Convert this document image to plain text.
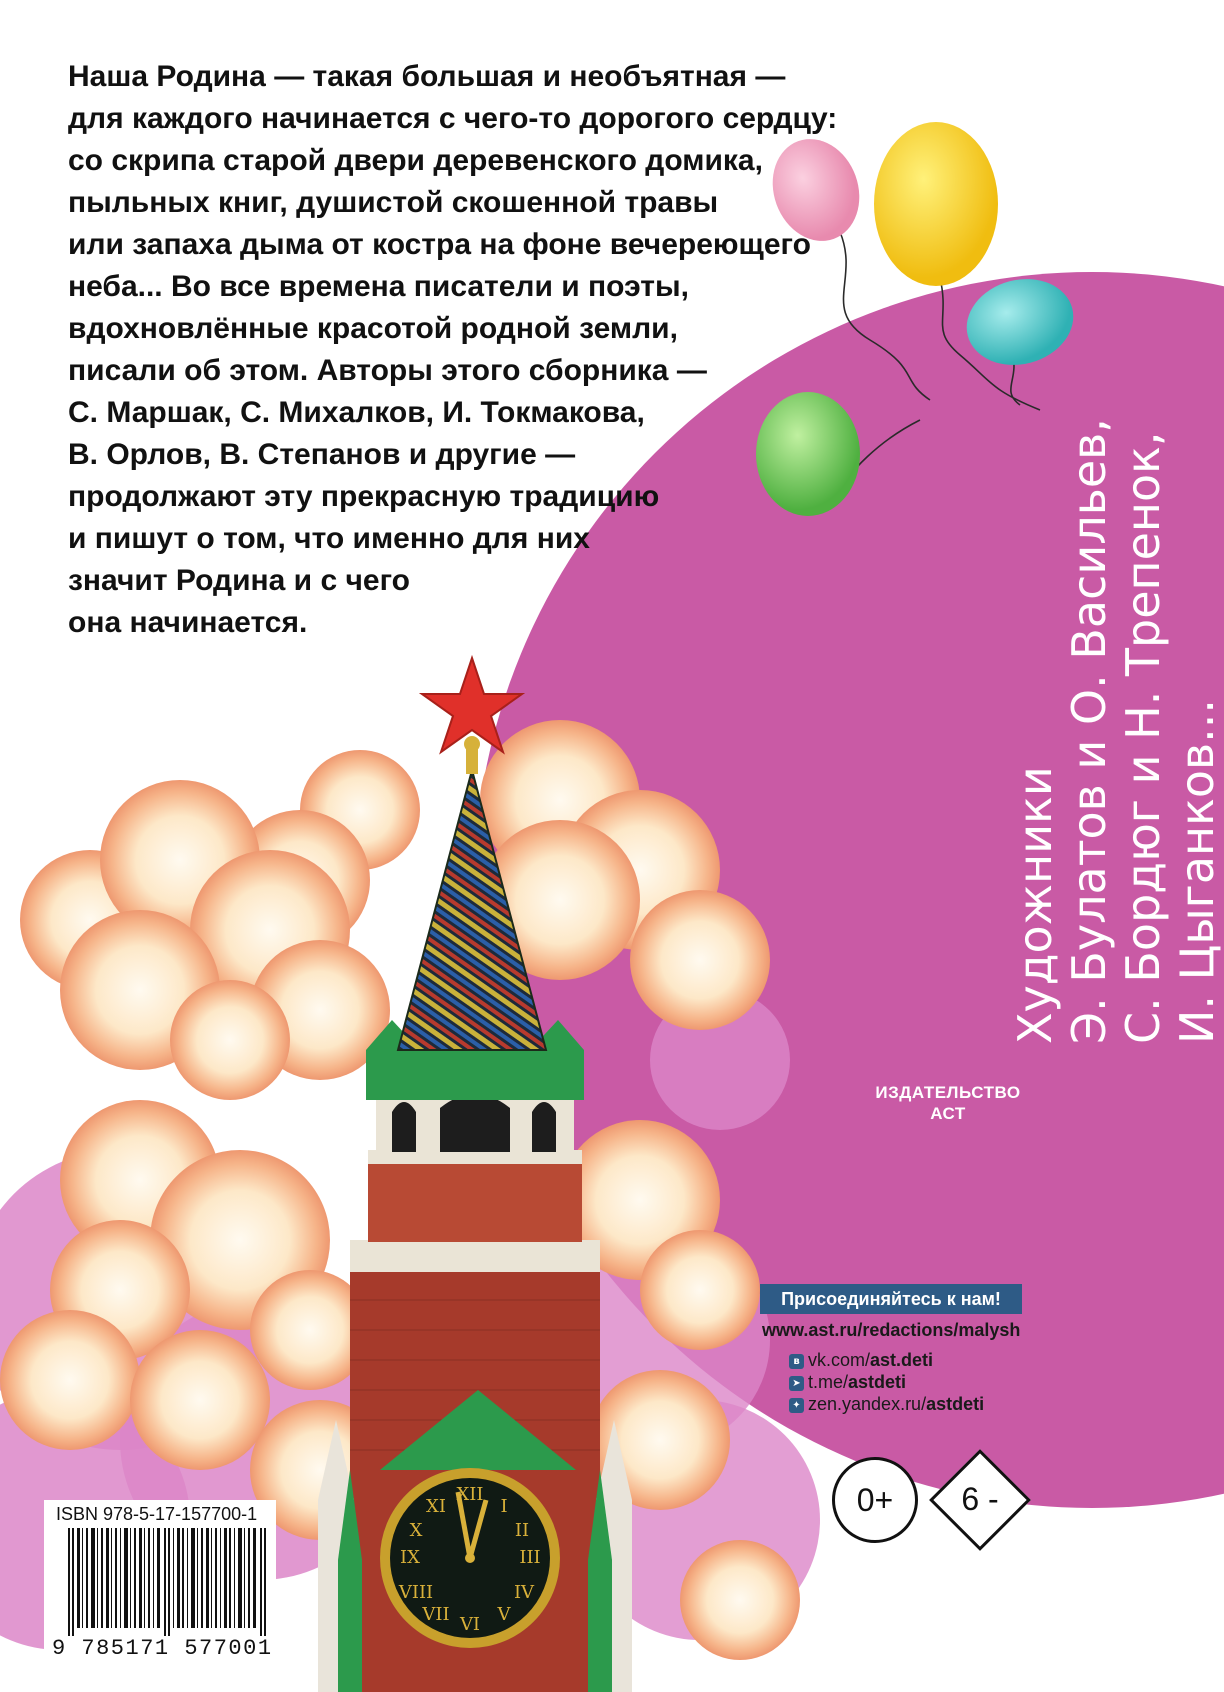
XII
III
VI
IX
I
II
IV
V
VII
VIII
X
XI
Наша Родина — такая большая и необъятная —
для каждого начинается с чего-то дорогого сердцу:
со скрипа старой двери деревенского домика,
пыльных книг, душистой скошенной травы
или запаха дыма от костра на фоне вечереющего
неба... Во все времена писатели и поэты,
вдохновлённые красотой родной земли,
писали об этом. Авторы этого сборника —
С. Маршак, С. Михалков, И. Токмакова,
В. Орлов, В. Степанов и другие —
продолжают эту прекрасную традицию
и пишут о том, что именно для них
значит Родина и с чего
она начинается.
Художники Э. Булатов и О. Васильев, С. Бордюг и Н. Трепенок, И. Цыганков...
ИЗДАТЕЛЬСТВО
АСТ
Присоединяйтесь к нам!
www.ast.ru/redactions/malysh
в vk.com/ast.deti
➤ t.me/astdeti
✦ zen.yandex.ru/astdeti
0+	6 -
ISBN 978-5-17-157700-1
9 785171 577001
